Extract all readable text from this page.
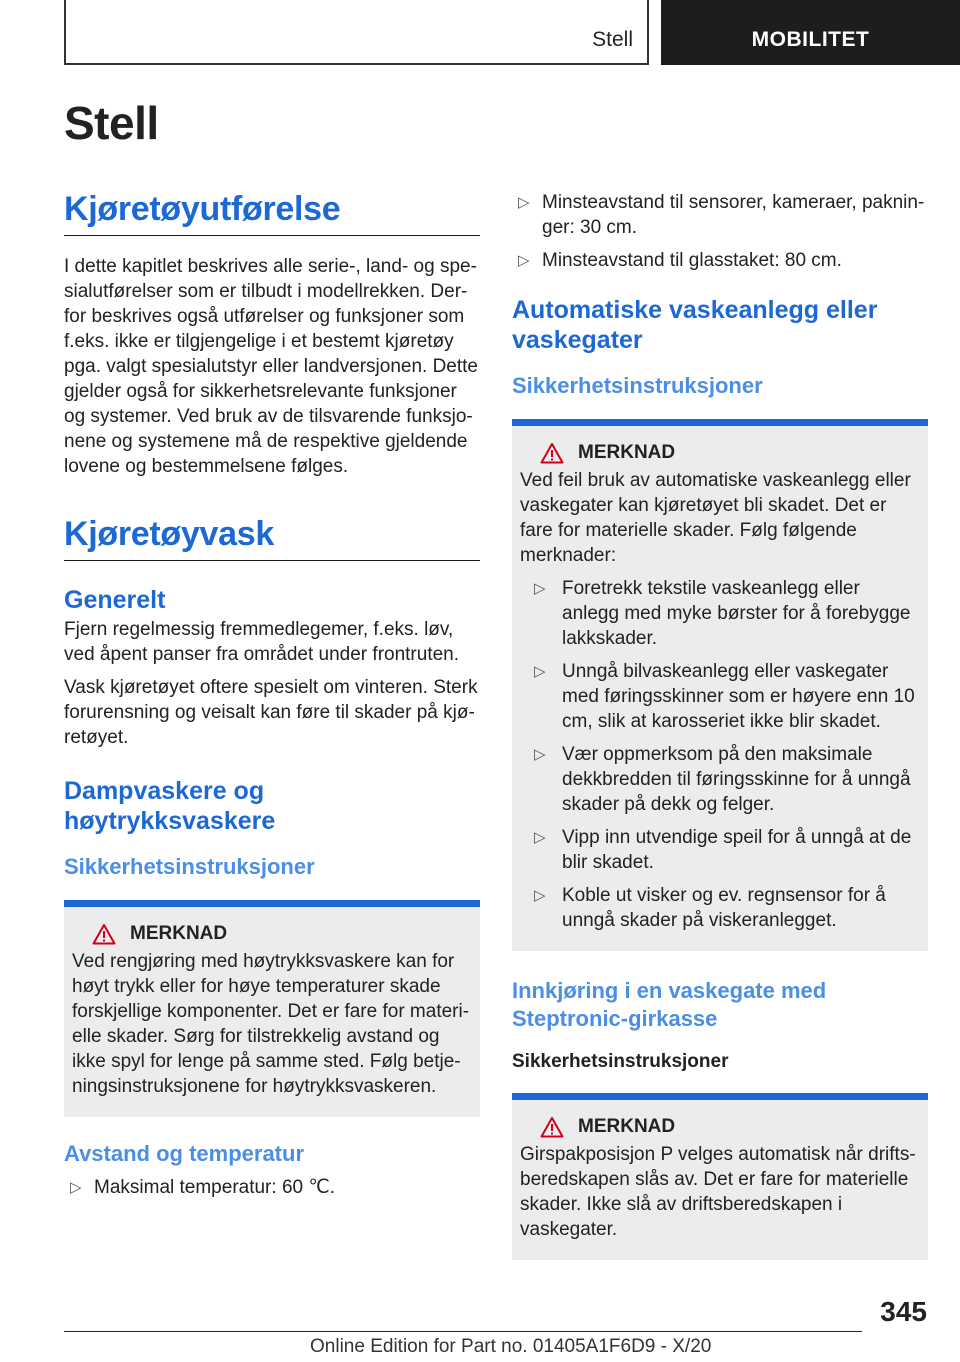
Stell	MOBILITET
Stell
Kjøretøyutførelse

I dette kapitlet beskrives alle serie-, land- og spesialutførelser som er tilbudt i modellrekken. Derfor beskrives også utførelser og funksjoner som f.eks. ikke er tilgjengelige i et bestemt kjøretøy pga. valgt spesialutstyr eller landversjonen. Dette gjelder også for sikkerhetsrelevante funksjoner og systemer. Ved bruk av de tilsvarende funksjonene og systemene må de respektive gjeldende lovene og bestemmelsene følges.

Kjøretøyvask
Generelt

Fjern regelmessig fremmedlegemer, f.eks. løv, ved åpent panser fra området under frontruten.

Vask kjøretøyet oftere spesielt om vinteren. Sterk forurensning og veisalt kan føre til skader på kjøretøyet.

Dampvaskere og høytrykksvaskere
Sikkerhetsinstruksjoner
MERKNAD

Ved rengjøring med høytrykksvaskere kan for høyt trykk eller for høye temperaturer skade forskjellige komponenter. Det er fare for materielle skader. Sørg for tilstrekkelig avstand og ikke spyl for lenge på samme sted. Følg betjeningsinstruksjonene for høytrykksvaskeren.

Avstand og temperatur
▷ Maksimal temperatur: 60 ℃.
▷ Minsteavstand til sensorer, kameraer, pakninger: 30 cm.
▷ Minsteavstand til glasstaket: 80 cm.
Automatiske vaskeanlegg eller vaskegater
Sikkerhetsinstruksjoner
MERKNAD

Ved feil bruk av automatiske vaskeanlegg eller vaskegater kan kjøretøyet bli skadet. Det er fare for materielle skader. Følg følgende merknader:

▷ Foretrekk tekstile vaskeanlegg eller anlegg med myke børster for å forebygge lakkskader.
▷ Unngå bilvaskeanlegg eller vaskegater med føringsskinner som er høyere enn 10 cm, slik at karosseriet ikke blir skadet.
▷ Vær oppmerksom på den maksimale dekkbredden til føringsskinne for å unngå skader på dekk og felger.
▷ Vipp inn utvendige speil for å unngå at de blir skadet.
▷ Koble ut visker og ev. regnsensor for å unngå skader på viskeranlegget.
Innkjøring i en vaskegate med Steptronic-girkasse
Sikkerhetsinstruksjoner
MERKNAD

Girspakposisjon P velges automatisk når driftsberedskapen slås av. Det er fare for materielle skader. Ikke slå av driftsberedskapen i vaskegater.

345
Online Edition for Part no. 01405A1F6D9 - X/20
